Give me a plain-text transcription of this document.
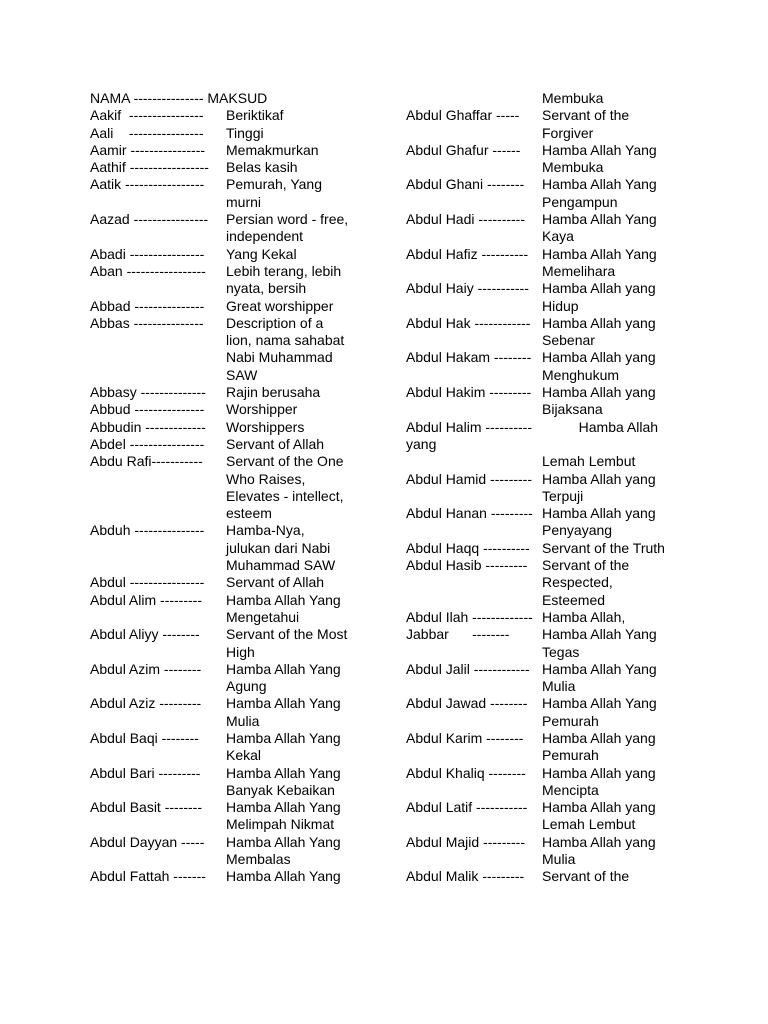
NAMA --------------- MAKSUD
Aakif  ----------------	Beriktikaf
Aali    ----------------	Tinggi
Aamir ----------------	Memakmurkan
Aathif -----------------	Belas kasih
Aatik -----------------	Pemurah, Yang
murni
Aazad ----------------	Persian word - free,
independent
Abadi ----------------	Yang Kekal
Aban -----------------	Lebih terang, lebih
nyata, bersih
Abbad ---------------	Great worshipper
Abbas ---------------	Description of a
lion, nama sahabat
Nabi Muhammad
SAW
Abbasy --------------	Rajin berusaha
Abbud ---------------	Worshipper
Abbudin -------------	Worshippers
Abdel ----------------	Servant of Allah
Abdu Rafi-----------	Servant of the One
Who Raises,
Elevates - intellect,
esteem
Abduh ---------------	Hamba-Nya,
julukan dari Nabi
Muhammad SAW
Abdul ----------------	Servant of Allah
Abdul Alim ---------	Hamba Allah Yang
Mengetahui
Abdul Aliyy --------	Servant of the Most
High
Abdul Azim --------	Hamba Allah Yang
Agung
Abdul Aziz ---------	Hamba Allah Yang
Mulia
Abdul Baqi --------	Hamba Allah Yang
Kekal
Abdul Bari ---------	Hamba Allah Yang
Banyak Kebaikan
Abdul Basit --------	Hamba Allah Yang
Melimpah Nikmat
Abdul Dayyan -----	Hamba Allah Yang
Membalas
Abdul Fattah -------	Hamba Allah Yang
Membuka
Abdul Ghaffar -----	Servant of the
Forgiver
Abdul Ghafur ------	Hamba Allah Yang
Membuka
Abdul Ghani --------	Hamba Allah Yang
Pengampun
Abdul Hadi ----------	Hamba Allah Yang
Kaya
Abdul Hafiz ---------- Hamba Allah Yang
Memelihara
Abdul Haiy ----------- Hamba Allah yang
Hidup
Abdul Hak ------------ Hamba Allah yang
Sebenar
Abdul Hakam -------- Hamba Allah yang
Menghukum
Abdul Hakim --------- Hamba Allah yang
Bijaksana
Abdul Halim ----------            Hamba Allah
yang
Lemah Lembut
Abdul Hamid --------- Hamba Allah yang
Terpuji
Abdul Hanan --------- Hamba Allah yang
Penyayang
Abdul Haqq ---------- Servant of the Truth
Abdul Hasib ---------	Servant of the
Respected,
Esteemed
Abdul Ilah ------------- Hamba Allah,
Jabbar      --------	Hamba Allah Yang
Tegas
Abdul Jalil ------------ Hamba Allah Yang
Mulia
Abdul Jawad --------	Hamba Allah Yang
Pemurah
Abdul Karim --------	Hamba Allah yang
Pemurah
Abdul Khaliq --------	Hamba Allah yang
Mencipta
Abdul Latif -----------	Hamba Allah yang
Lemah Lembut
Abdul Majid ---------	Hamba Allah yang
Mulia
Abdul Malik ---------	Servant of the
